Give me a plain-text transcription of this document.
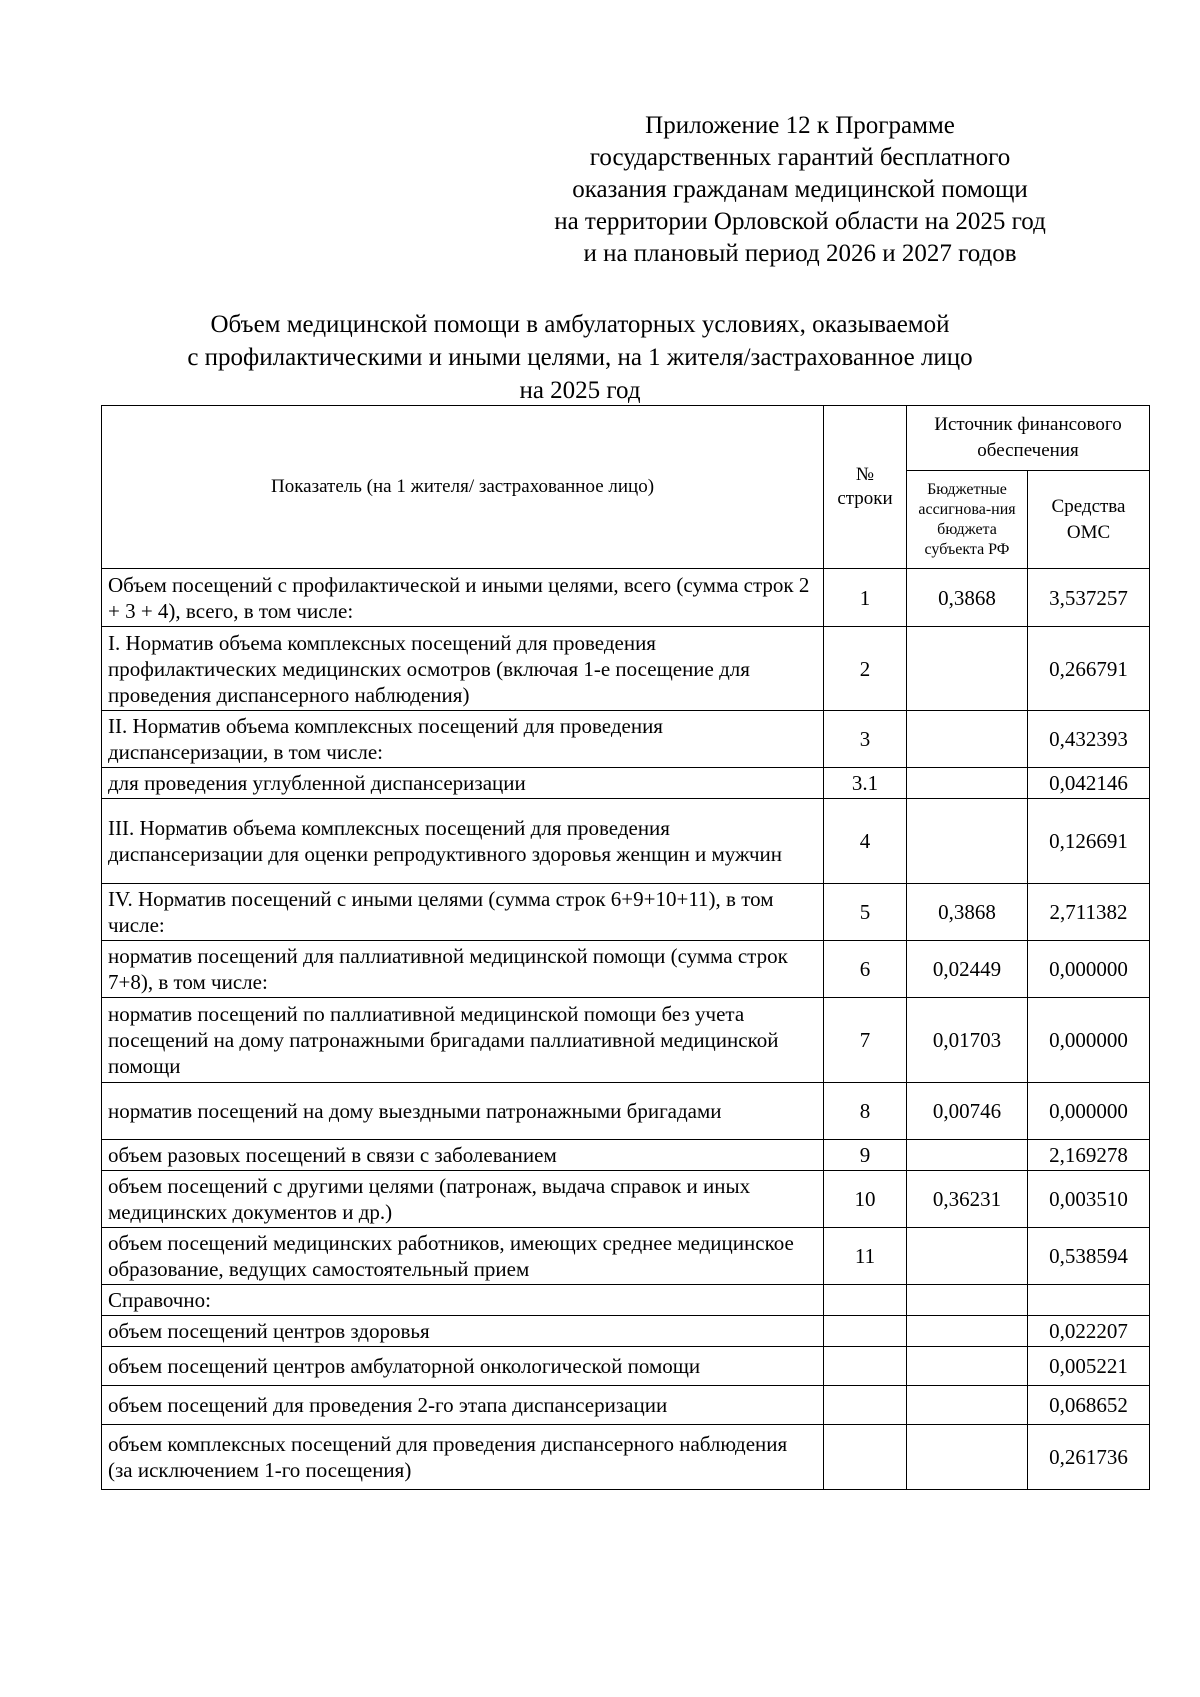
Приложение 12 к Программе
государственных гарантий бесплатного
оказания гражданам медицинской помощи
на территории Орловской области на 2025 год
и на плановый период 2026 и 2027 годов
Объем медицинской помощи в амбулаторных условиях, оказываемой
с профилактическими и иными целями, на 1 жителя/застрахованное лицо
на 2025 год
Показатель (на 1 жителя/ застрахованное лицо)	№ строки	Источник финансового обеспечения	
		Бюджетные ассигнова-ния бюджета субъекта РФ	Средства ОМС
Объем посещений с профилактической и иными целями, всего (сумма строк 2 + 3 + 4), всего, в том числе:	1	0,3868	3,537257
I. Норматив объема комплексных посещений для проведения профилактических медицинских осмотров (включая 1-е посещение для проведения диспансерного наблюдения)	2		0,266791
II. Норматив объема комплексных посещений для проведения диспансеризации, в том числе:	3		0,432393
для проведения углубленной диспансеризации	3.1		0,042146
III. Норматив объема комплексных посещений для проведения диспансеризации для оценки репродуктивного здоровья женщин и мужчин	4		0,126691
IV. Норматив посещений с иными целями (сумма строк 6+9+10+11), в том числе:	5	0,3868	2,711382
норматив посещений для паллиативной медицинской помощи (сумма строк 7+8), в том числе:	6	0,02449	0,000000
норматив посещений по паллиативной медицинской помощи без учета посещений на дому патронажными бригадами паллиативной медицинской помощи	7	0,01703	0,000000
норматив посещений на дому выездными патронажными бригадами	8	0,00746	0,000000
объем разовых посещений в связи с заболеванием	9		2,169278
объем посещений с другими целями (патронаж, выдача справок и иных медицинских документов и др.)	10	0,36231	0,003510
объем посещений медицинских работников, имеющих среднее медицинское образование, ведущих самостоятельный прием	11		0,538594
Справочно:			
объем посещений центров здоровья			0,022207
объем посещений центров амбулаторной онкологической помощи			0,005221
объем посещений для проведения 2-го этапа диспансеризации			0,068652
объем комплексных посещений для проведения диспансерного наблюдения (за исключением 1-го посещения)			0,261736
